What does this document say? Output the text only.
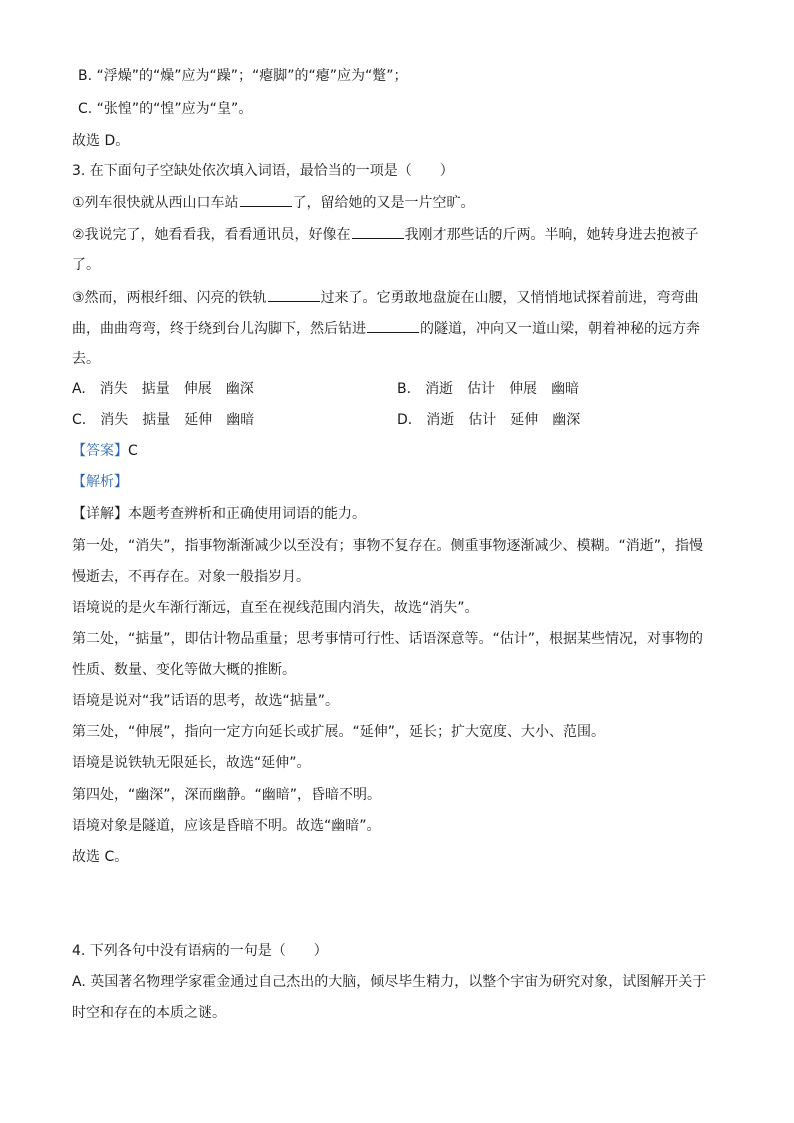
B. “浮燥”的“燥”应为“躁”；“瘪脚”的“瘪”应为“蹩”；
C. “张惶”的“惶”应为“皇”。
故选 D。
3. 在下面句子空缺处依次填入词语，最恰当的一项是（　　）
①列车很快就从西山口车站	了，留给她的又是一片空旷。
②我说完了，她看看我，看看通讯员，好像在	我刚才那些话的斤两。半晌，她转身进去抱被子
了。
③然而，两根纤细、闪亮的铁轨	过来了。它勇敢地盘旋在山腰，又悄悄地试探着前进，弯弯曲
曲，曲曲弯弯，终于绕到台儿沟脚下，然后钻进	的隧道，冲向又一道山梁，朝着神秘的远方奔
去。
A. 消失 掂量 伸展 幽深	B. 消逝 估计 伸展 幽暗
C. 消失 掂量 延伸 幽暗	D. 消逝 估计 延伸 幽深
【答案】C
【解析】
【详解】本题考查辨析和正确使用词语的能力。
第一处，“消失”，指事物渐渐减少以至没有；事物不复存在。侧重事物逐渐减少、模糊。“消逝”，指慢
慢逝去，不再存在。对象一般指岁月。
语境说的是火车渐行渐远，直至在视线范围内消失，故选“消失”。
第二处，“掂量”，即估计物品重量；思考事情可行性、话语深意等。“估计”，根据某些情况，对事物的
性质、数量、变化等做大概的推断。
语境是说对“我”话语的思考，故选“掂量”。
第三处，“伸展”，指向一定方向延长或扩展。“延伸”，延长；扩大宽度、大小、范围。
语境是说铁轨无限延长，故选“延伸”。
第四处，“幽深”，深而幽静。“幽暗”，昏暗不明。
语境对象是隧道，应该是昏暗不明。故选“幽暗”。
故选 C。
4. 下列各句中没有语病的一句是（　　）
A. 英国著名物理学家霍金通过自己杰出的大脑，倾尽毕生精力，以整个宇宙为研究对象，试图解开关于
时空和存在的本质之谜。
